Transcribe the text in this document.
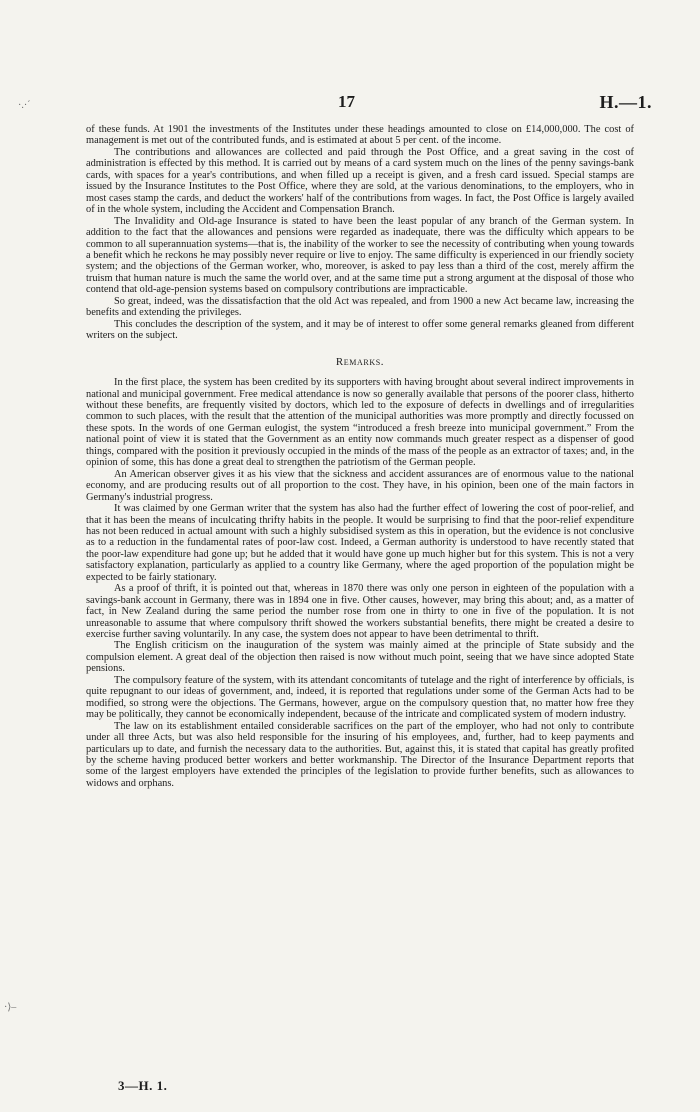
·.·´
·⟩–
17	H.—1.

of these funds. At 1901 the investments of the Institutes under these headings amounted to close on £14,000,000. The cost of management is met out of the contributed funds, and is estimated at about 5 per cent. of the income.

The contributions and allowances are collected and paid through the Post Office, and a great saving in the cost of administration is effected by this method. It is carried out by means of a card system much on the lines of the penny savings-bank cards, with spaces for a year's contributions, and when filled up a receipt is given, and a fresh card issued. Special stamps are issued by the Insurance Institutes to the Post Office, where they are sold, at the various denominations, to the employers, who in most cases stamp the cards, and deduct the workers' half of the contributions from wages. In fact, the Post Office is largely availed of in the whole system, including the Accident and Compensation Branch.

The Invalidity and Old-age Insurance is stated to have been the least popular of any branch of the German system. In addition to the fact that the allowances and pensions were regarded as inadequate, there was the difficulty which appears to be common to all superannuation systems—that is, the inability of the worker to see the necessity of contributing when young towards a benefit which he reckons he may possibly never require or live to enjoy. The same difficulty is experienced in our friendly society system; and the objections of the German worker, who, moreover, is asked to pay less than a third of the cost, merely affirm the truism that human nature is much the same the world over, and at the same time put a strong argument at the disposal of those who contend that old-age-pension systems based on compulsory contributions are impracticable.

So great, indeed, was the dissatisfaction that the old Act was repealed, and from 1900 a new Act became law, increasing the benefits and extending the privileges.

This concludes the description of the system, and it may be of interest to offer some general remarks gleaned from different writers on the subject.

Remarks.

In the first place, the system has been credited by its supporters with having brought about several indirect improvements in national and municipal government. Free medical attendance is now so generally available that persons of the poorer class, hitherto without these benefits, are frequently visited by doctors, which led to the exposure of defects in dwellings and of irregularities common to such places, with the result that the attention of the municipal authorities was more promptly and directly focussed on these spots. In the words of one German eulogist, the system “introduced a fresh breeze into municipal government.” From the national point of view it is stated that the Government as an entity now commands much greater respect as a dispenser of good things, compared with the position it previously occupied in the minds of the mass of the people as an extractor of taxes; and, in the opinion of some, this has done a great deal to strengthen the patriotism of the German people.

An American observer gives it as his view that the sickness and accident assurances are of enormous value to the national economy, and are producing results out of all proportion to the cost. They have, in his opinion, been one of the main factors in Germany's industrial progress.

It was claimed by one German writer that the system has also had the further effect of lowering the cost of poor-relief, and that it has been the means of inculcating thrifty habits in the people. It would be surprising to find that the poor-relief expenditure has not been reduced in actual amount with such a highly subsidised system as this in operation, but the evidence is not conclusive as to a reduction in the fundamental rates of poor-law cost. Indeed, a German authority is understood to have recently stated that the poor-law expenditure had gone up; but he added that it would have gone up much higher but for this system. This is not a very satisfactory explanation, particularly as applied to a country like Germany, where the aged proportion of the population might be expected to be fairly stationary.

As a proof of thrift, it is pointed out that, whereas in 1870 there was only one person in eighteen of the population with a savings-bank account in Germany, there was in 1894 one in five. Other causes, however, may bring this about; and, as a matter of fact, in New Zealand during the same period the number rose from one in thirty to one in five of the population. It is not unreasonable to assume that where compulsory thrift showed the workers substantial benefits, there might be created a desire to exercise further saving voluntarily. In any case, the system does not appear to have been detrimental to thrift.

The English criticism on the inauguration of the system was mainly aimed at the principle of State subsidy and the compulsion element. A great deal of the objection then raised is now without much point, seeing that we have since adopted State pensions.

The compulsory feature of the system, with its attendant concomitants of tutelage and the right of interference by officials, is quite repugnant to our ideas of government, and, indeed, it is reported that regulations under some of the German Acts had to be modified, so strong were the objections. The Germans, however, argue on the compulsory question that, no matter how free they may be politically, they cannot be economically independent, because of the intricate and complicated system of modern industry.

The law on its establishment entailed considerable sacrifices on the part of the employer, who had not only to contribute under all three Acts, but was also held responsible for the insuring of his employees, and, further, had to keep payments and particulars up to date, and furnish the necessary data to the authorities. But, against this, it is stated that capital has greatly profited by the scheme having produced better workers and better workmanship. The Director of the Insurance Department reports that some of the largest employers have extended the principles of the legislation to provide further benefits, such as allowances to widows and orphans.

3—H. 1.
